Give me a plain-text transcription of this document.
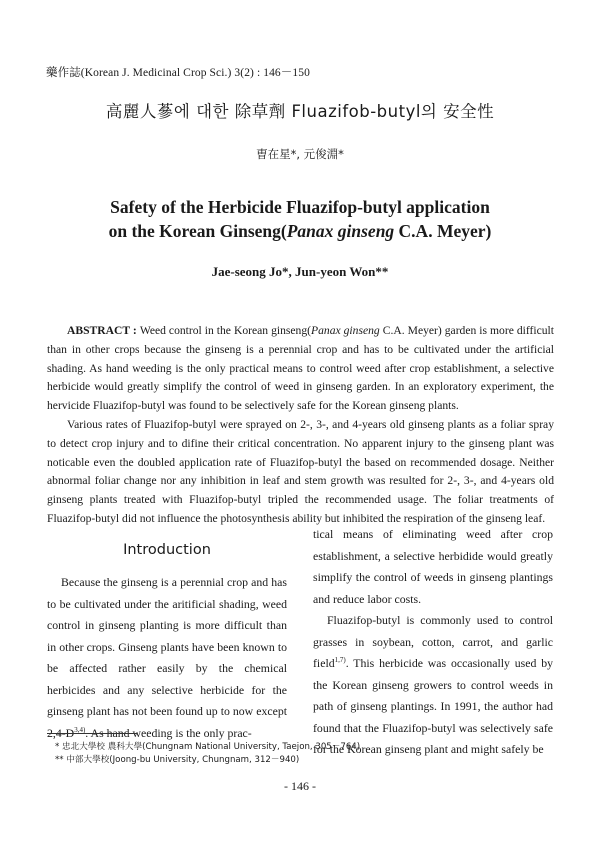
藥作誌(Korean J. Medicinal Crop Sci.) 3(2) : 146－150
高麗人蔘에 대한 除草劑 Fluazifob-butyl의 安全性
曺在星*, 元俊淵*
Safety of the Herbicide Fluazifop-butyl application
on the Korean Ginseng(Panax ginseng C.A. Meyer)
Jae-seong Jo*, Jun-yeon Won**

ABSTRACT : Weed control in the Korean ginseng(Panax ginseng C.A. Meyer) garden is more difficult than in other crops because the ginseng is a perennial crop and has to be cultivated under the artificial shading. As hand weeding is the only practical means to control weed after crop establishment, a selective herbicide would greatly simplify the control of weed in ginseng garden. In an exploratory experiment, the hervicide Fluazifop-butyl was found to be selectively safe for the Korean ginseng plants.

Various rates of Fluazifop-butyl were sprayed on 2-, 3-, and 4-years old ginseng plants as a foliar spray to detect crop injury and to difine their critical concentration. No apparent injury to the ginseng plant was noticable even the doubled application rate of Fluazifop-butyl the based on recommended dosage. Neither abnormal foliar change nor any inhibition in leaf and stem growth was resulted for 2-, 3-, and 4-years old ginseng plants treated with Fluazifop-butyl tripled the recommended usage. The foliar treatments of Fluazifop-butyl did not influence the photosynthesis ability but inhibited the respiration of the ginseng leaf.

Introduction

Because the ginseng is a perennial crop and has to be cultivated under the aritificial shading, weed control in ginseng planting is more difficult than in other crops. Ginseng plants have been known to be affected rather easily by the chemical herbicides and any selective herbicide for the ginseng plant has not been found up to now except $2,4-D^{3,4)}$. As hand weeding is the only prac-

tical means of eliminating weed after crop establishment, a selective herbidide would greatly simplify the control of weeds in ginseng plantings and reduce labor costs.

Fluazifop-butyl is commonly used to control grasses in soybean, cotton, carrot, and garlic field$^{1,7)}$. This herbicide was occasionally used by the Korean ginseng growers to control weeds in path of ginseng plantings. In 1991, the author had found that the Fluazifop-butyl was selectively safe for the Korean ginseng plant and might safely be

* 忠北大學校 農科大學(Chungnam National University, Taejon, 305－764)
** 中部大學校(Joong-bu University, Chungnam, 312－940)
- 146 -
